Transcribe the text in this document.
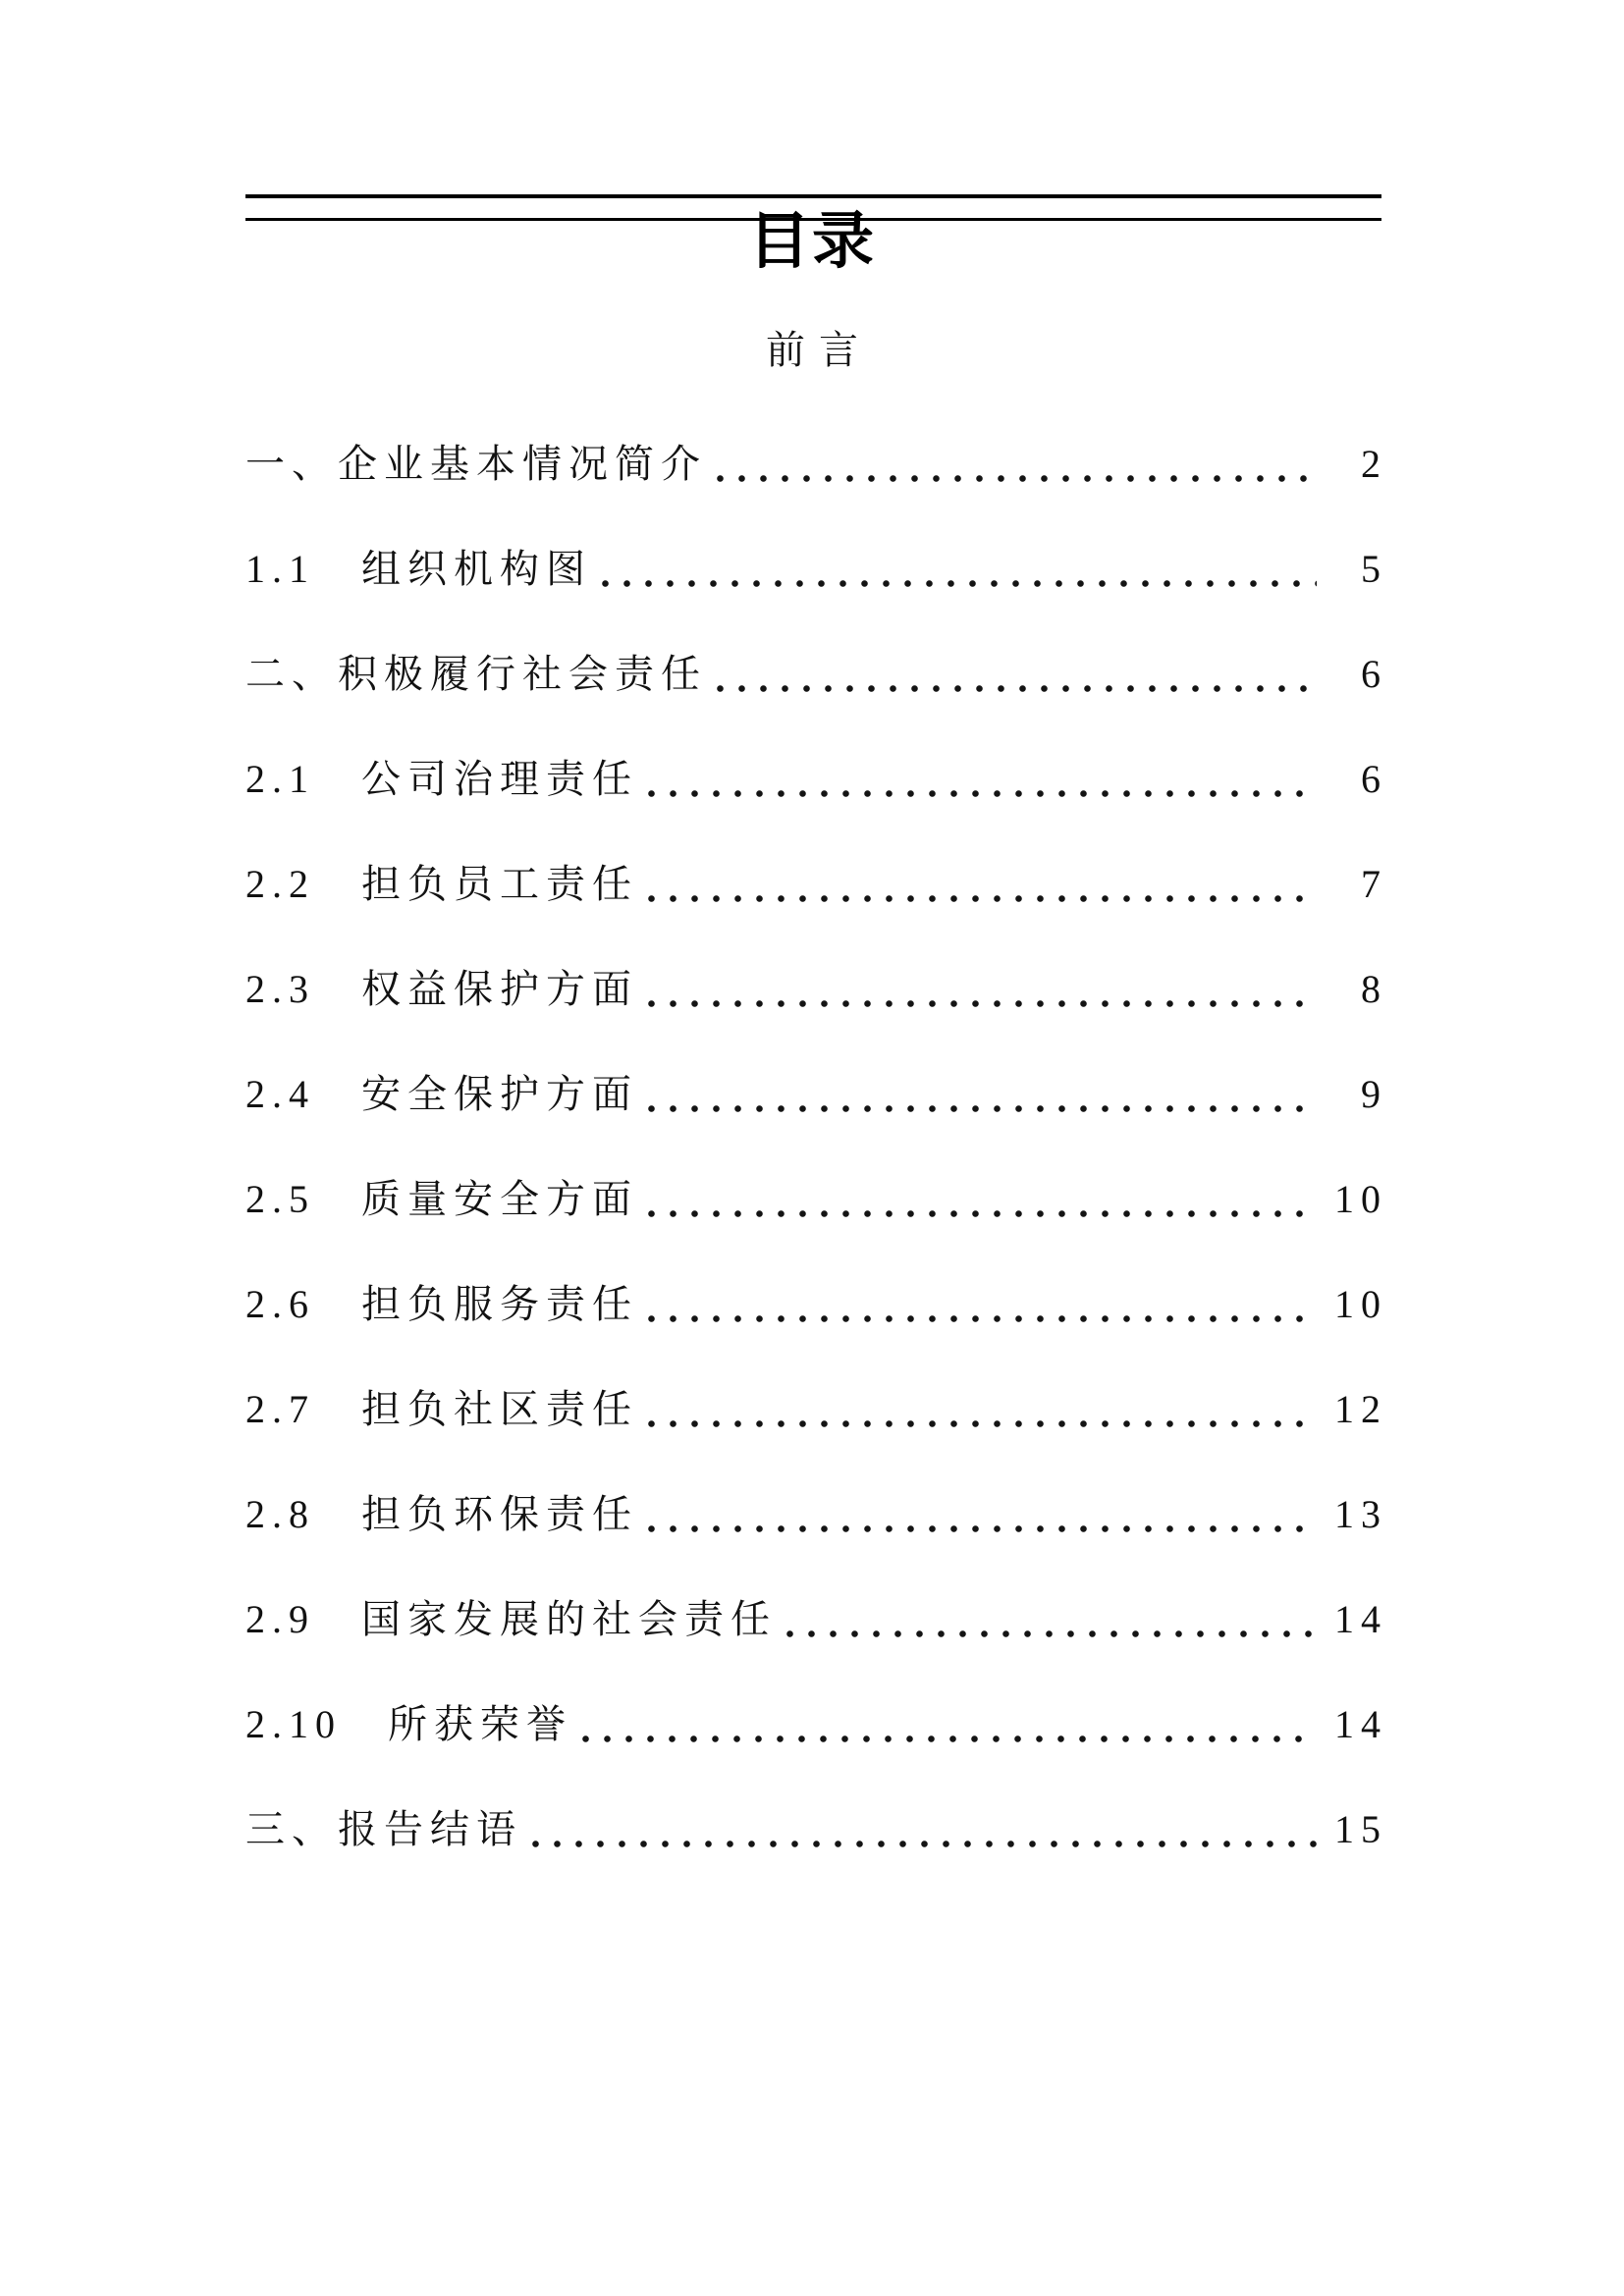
目录
前言
一、企业基本情况简介	2
1.1 组织机构图	5
二、积极履行社会责任	6
2.1 公司治理责任	6
2.2 担负员工责任	7
2.3 权益保护方面	8
2.4 安全保护方面	9
2.5 质量安全方面	10
2.6 担负服务责任	10
2.7 担负社区责任	12
2.8 担负环保责任	13
2.9 国家发展的社会责任	14
2.10 所获荣誉	14
三、报告结语	15
